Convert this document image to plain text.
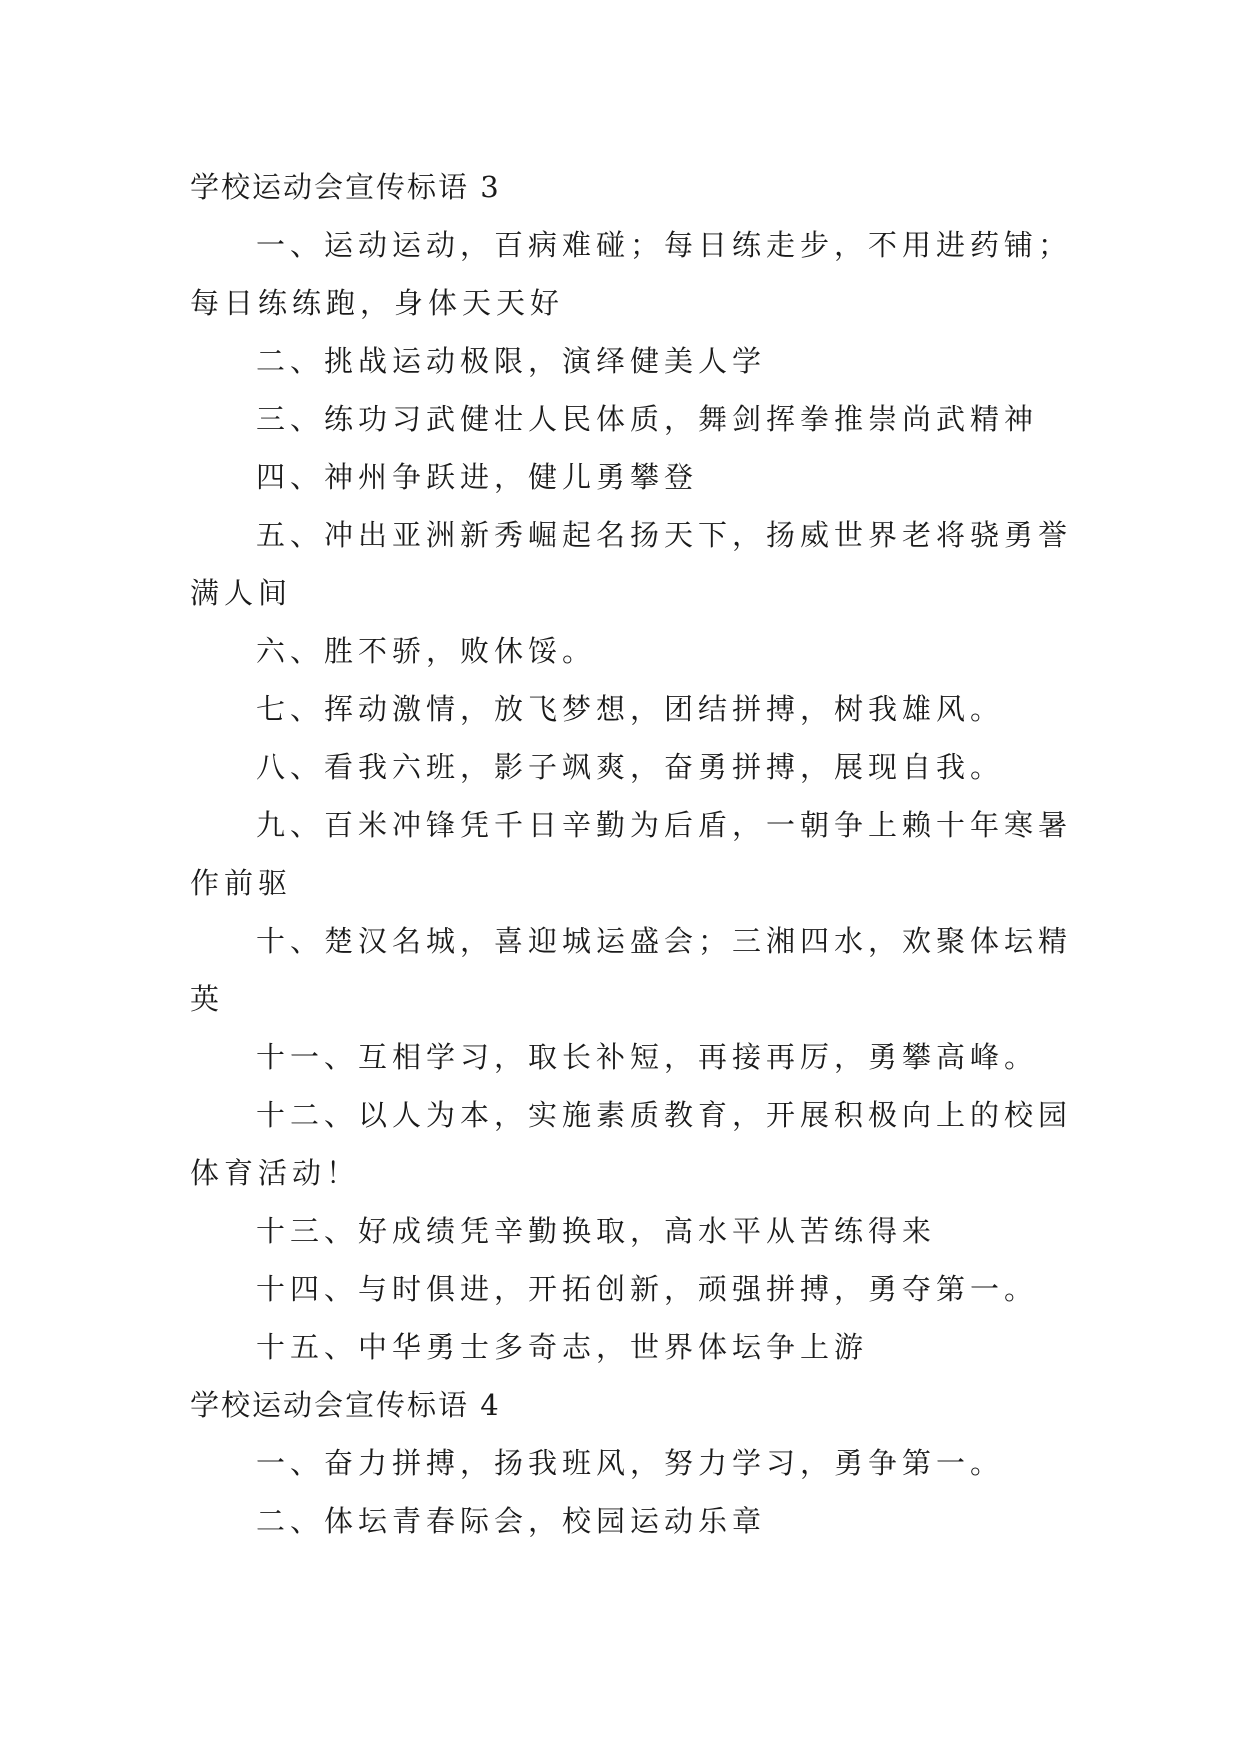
学校运动会宣传标语 3

一、运动运动，百病难碰；每日练走步，不用进药铺；

每日练练跑，身体天天好

二、挑战运动极限，演绎健美人学

三、练功习武健壮人民体质，舞剑挥拳推崇尚武精神

四、神州争跃进，健儿勇攀登

五、冲出亚洲新秀崛起名扬天下，扬威世界老将骁勇誉

满人间

六、胜不骄，败休馁。

七、挥动激情，放飞梦想，团结拼搏，树我雄风。

八、看我六班，影子飒爽，奋勇拼搏，展现自我。

九、百米冲锋凭千日辛勤为后盾，一朝争上赖十年寒暑

作前驱

十、楚汉名城，喜迎城运盛会；三湘四水，欢聚体坛精

英

十一、互相学习，取长补短，再接再厉，勇攀高峰。

十二、以人为本，实施素质教育，开展积极向上的校园

体育活动！

十三、好成绩凭辛勤换取，高水平从苦练得来

十四、与时俱进，开拓创新，顽强拼搏，勇夺第一。

十五、中华勇士多奇志，世界体坛争上游

学校运动会宣传标语 4

一、奋力拼搏，扬我班风，努力学习，勇争第一。

二、体坛青春际会，校园运动乐章
